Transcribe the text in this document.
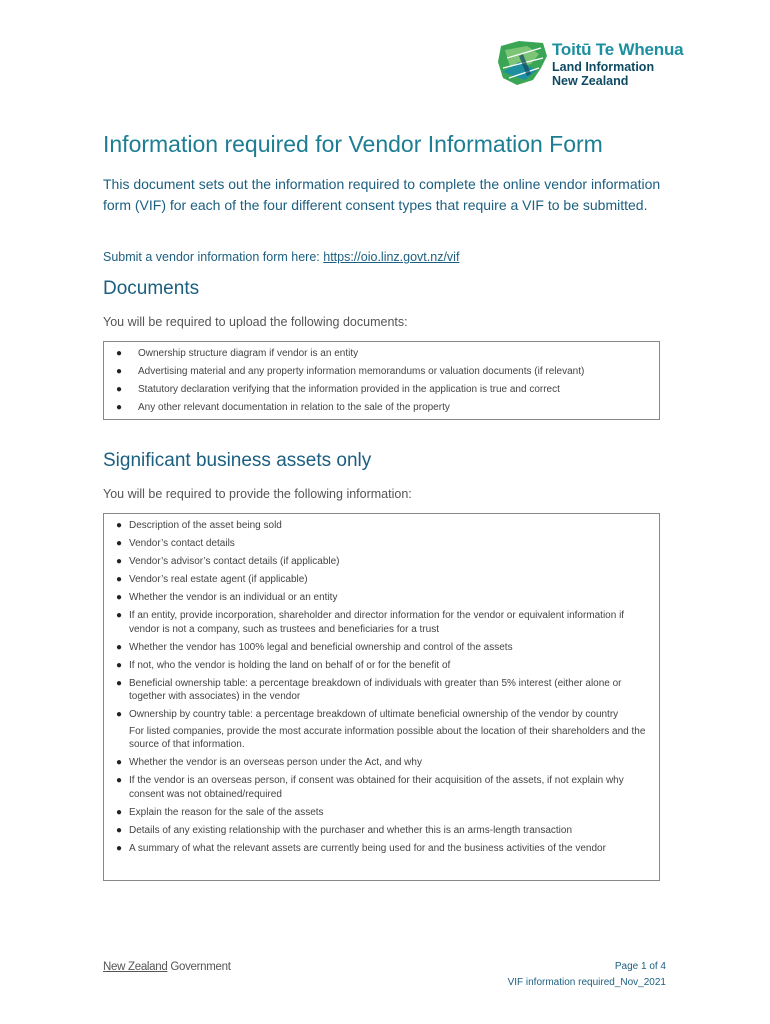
Toitū Te Whenua
Land Information
New Zealand
Information required for Vendor Information Form

This document sets out the information required to complete the online vendor information form (VIF) for each of the four different consent types that require a VIF to be submitted.

Submit a vendor information form here: https://oio.linz.govt.nz/vif

Documents

You will be required to upload the following documents:

● Ownership structure diagram if vendor is an entity
● Advertising material and any property information memorandums or valuation documents (if relevant)
● Statutory declaration verifying that the information provided in the application is true and correct
● Any other relevant documentation in relation to the sale of the property
Significant business assets only

You will be required to provide the following information:

● Description of the asset being sold
● Vendor’s contact details
● Vendor’s advisor’s contact details (if applicable)
● Vendor’s real estate agent (if applicable)
● Whether the vendor is an individual or an entity
● If an entity, provide incorporation, shareholder and director information for the vendor or equivalent information if vendor is not a company, such as trustees and beneficiaries for a trust
● Whether the vendor has 100% legal and beneficial ownership and control of the assets
● If not, who the vendor is holding the land on behalf of or for the benefit of
● Beneficial ownership table: a percentage breakdown of individuals with greater than 5% interest (either alone or together with associates) in the vendor
● Ownership by country table: a percentage breakdown of ultimate beneficial ownership of the vendor by country
For listed companies, provide the most accurate information possible about the location of their shareholders and the source of that information.
● Whether the vendor is an overseas person under the Act, and why
● If the vendor is an overseas person, if consent was obtained for their acquisition of the assets, if not explain why consent was not obtained/required
● Explain the reason for the sale of the assets
● Details of any existing relationship with the purchaser and whether this is an arms-length transaction
● A summary of what the relevant assets are currently being used for and the business activities of the vendor
New Zealand Government	Page 1 of 4
VIF information required_Nov_2021
